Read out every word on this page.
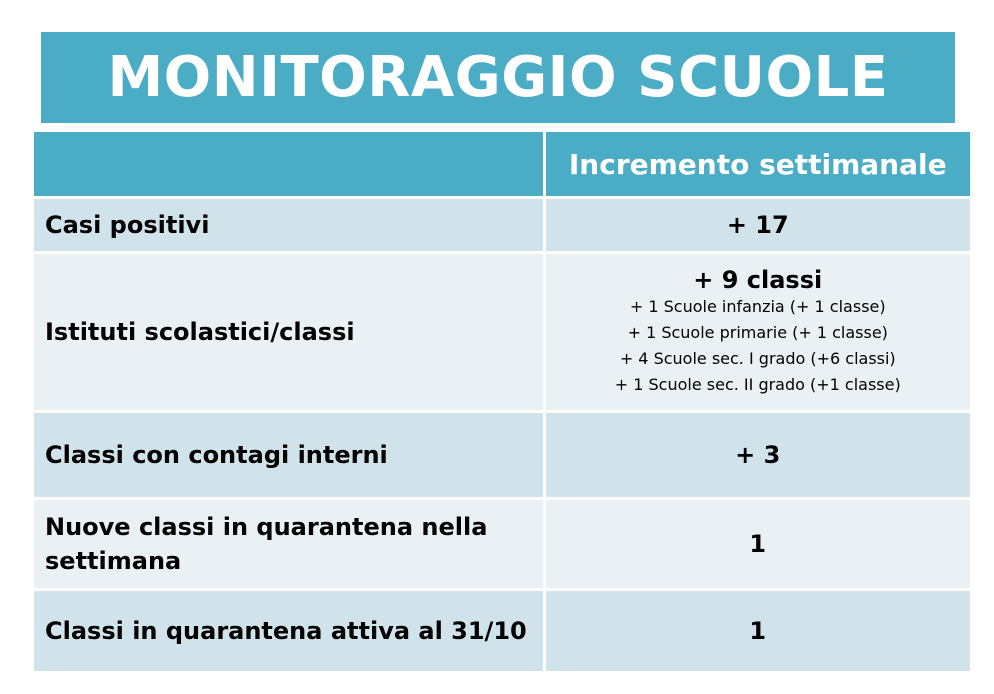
MONITORAGGIO SCUOLE
	Incremento settimanale
Casi positivi	+ 17

Istituti scolastici/classi	+ 9 classi
+ 1 Scuole infanzia (+ 1 classe)
+ 1 Scuole primarie (+ 1 classe)
+ 4 Scuole sec. I grado (+6 classi)
+ 1 Scuole sec. II grado (+1 classe)

Classi con contagi interni	+ 3

Nuove classi in quarantena nella settimana	1

Classi in quarantena attiva al 31/10	1
